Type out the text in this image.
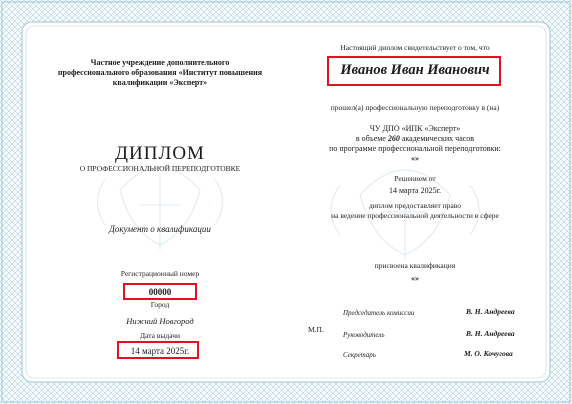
Частное учреждение дополнительного
профессионального образования «Институт повышения
квалификации «Эксперт»
ДИПЛОМ
О ПРОФЕССИОНАЛЬНОЙ ПЕРЕПОДГОТОВКЕ
Документ о квалификации
Регистрационный номер
00000
Город
Нижний Новгород
Дата выдачи
14 марта 2025г.
Настоящий диплом свидетельствует о том, что
Иванов Иван Иванович
прошел(а) профессиональную переподготовку в (на)
ЧУ ДПО «ИПК «Эксперт»
в объеме 260 академических часов
по программе профессиональной переподготовки:
«»
Решением от
14 марта 2025г.
диплом предоставляет право
на ведение профессиональной деятельности в сфере
присвоена квалификация
«»
М.П.
Председатель комиссии	В. Н. Андреева
Руководитель	В. Н. Андреева
Секретарь	М. О. Кочугова
